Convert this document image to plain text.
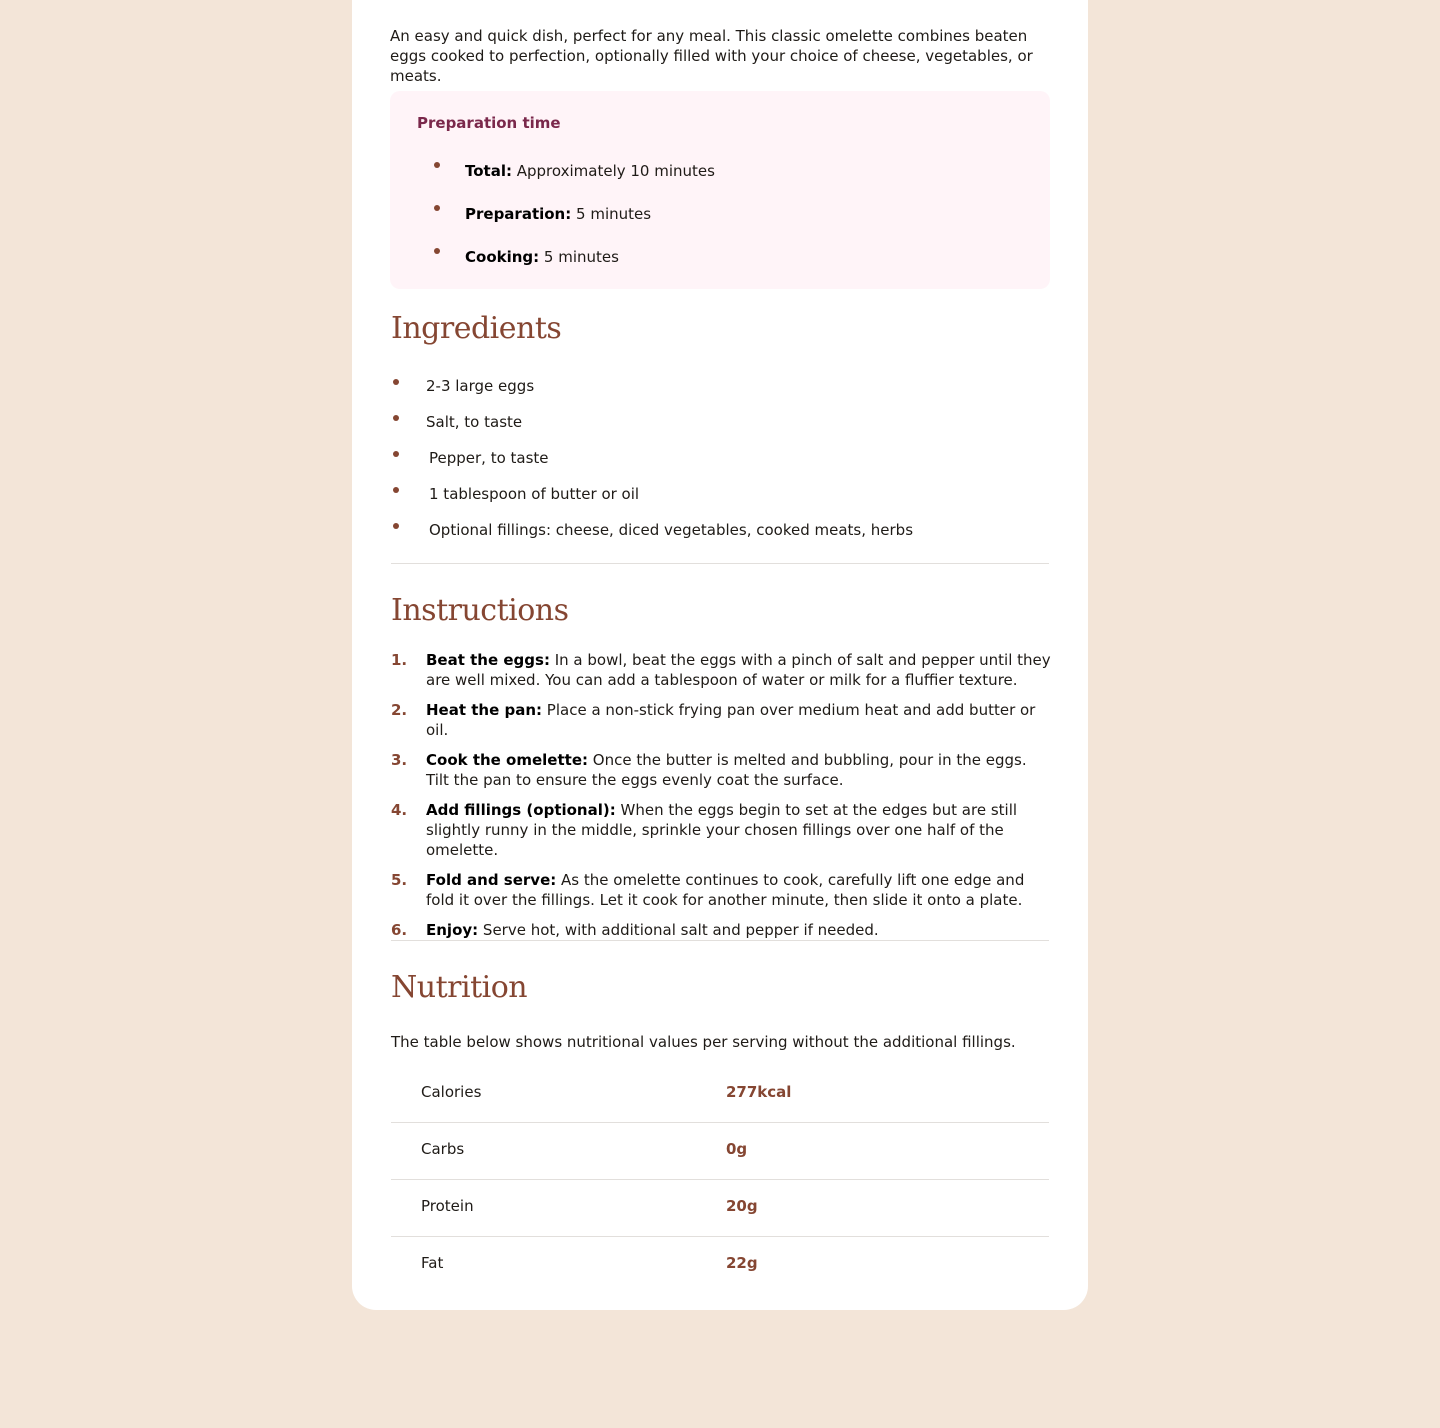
An easy and quick dish, perfect for any meal. This classic omelette combines beaten eggs cooked to perfection, optionally filled with your choice of cheese, vegetables, or meats.

Preparation time
Total: Approximately 10 minutes
Preparation: 5 minutes
Cooking: 5 minutes
Ingredients
2-3 large eggs
Salt, to taste
Pepper, to taste
1 tablespoon of butter or oil
Optional fillings: cheese, diced vegetables, cooked meats, herbs
Instructions
1. Beat the eggs: In a bowl, beat the eggs with a pinch of salt and pepper until they are well mixed. You can add a tablespoon of water or milk for a fluffier texture.
2. Heat the pan: Place a non-stick frying pan over medium heat and add butter or oil.
3. Cook the omelette: Once the butter is melted and bubbling, pour in the eggs. Tilt the pan to ensure the eggs evenly coat the surface.
4. Add fillings (optional): When the eggs begin to set at the edges but are still slightly runny in the middle, sprinkle your chosen fillings over one half of the omelette.
5. Fold and serve: As the omelette continues to cook, carefully lift one edge and fold it over the fillings. Let it cook for another minute, then slide it onto a plate.
6. Enjoy: Serve hot, with additional salt and pepper if needed.
Nutrition

The table below shows nutritional values per serving without the additional fillings.

Calories	277kcal
Carbs	0g
Protein	20g
Fat	22g
